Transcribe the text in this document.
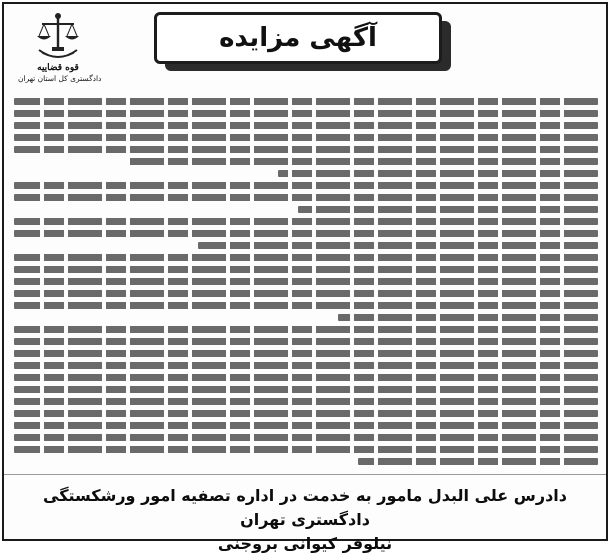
قوه قضاییه
دادگستری کل استان تهران
آگهی مزایده
دادرس علی البدل مامور به خدمت در اداره تصفیه امور ورشکستگی دادگستری تهران
نیلوفر کیوانی بروجنی
